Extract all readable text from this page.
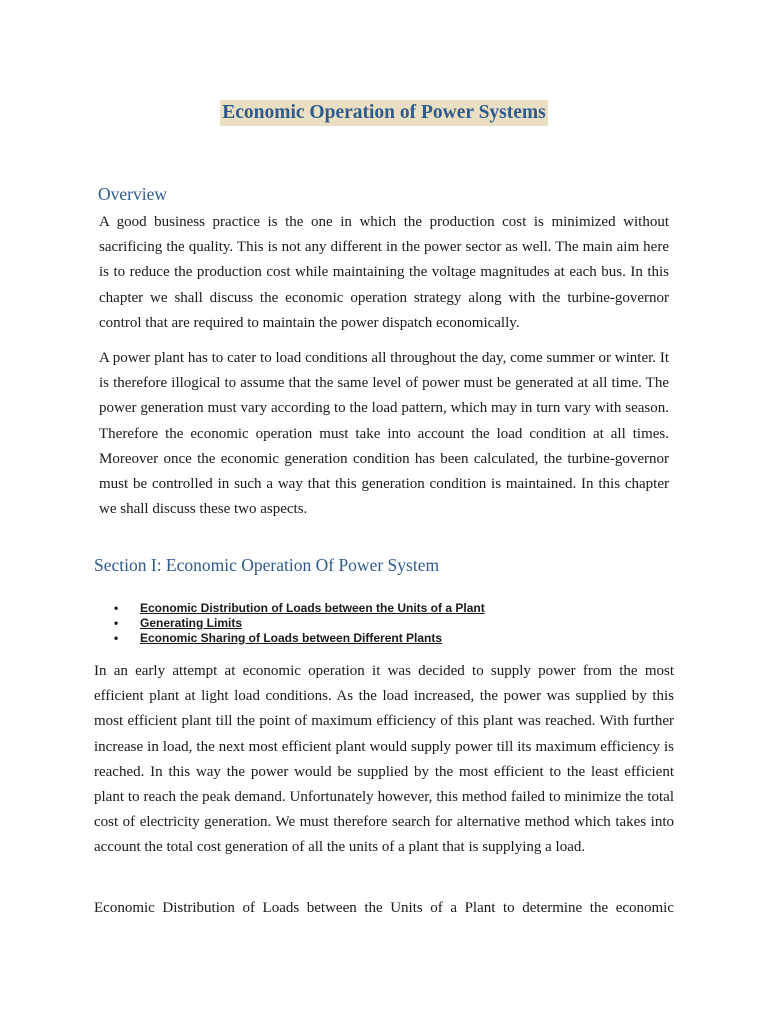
Economic Operation of Power Systems
Overview

A good business practice is the one in which the production cost is minimized without sacrificing the quality. This is not any different in the power sector as well. The main aim here is to reduce the production cost while maintaining the voltage magnitudes at each bus. In this chapter we shall discuss the economic operation strategy along with the turbine-governor control that are required to maintain the power dispatch economically.

A power plant has to cater to load conditions all throughout the day, come summer or winter. It is therefore illogical to assume that the same level of power must be generated at all time. The power generation must vary according to the load pattern, which may in turn vary with season. Therefore the economic operation must take into account the load condition at all times. Moreover once the economic generation condition has been calculated, the turbine-governor must be controlled in such a way that this generation condition is maintained. In this chapter we shall discuss these two aspects.

Section I: Economic Operation Of Power System
• Economic Distribution of Loads between the Units of a Plant
• Generating Limits
• Economic Sharing of Loads between Different Plants

In an early attempt at economic operation it was decided to supply power from the most efficient plant at light load conditions. As the load increased, the power was supplied by this most efficient plant till the point of maximum efficiency of this plant was reached. With further increase in load, the next most efficient plant would supply power till its maximum efficiency is reached. In this way the power would be supplied by the most efficient to the least efficient plant to reach the peak demand. Unfortunately however, this method failed to minimize the total cost of electricity generation. We must therefore search for alternative method which takes into account the total cost generation of all the units of a plant that is supplying a load.

Economic Distribution of Loads between the Units of a Plant to determine the economic
